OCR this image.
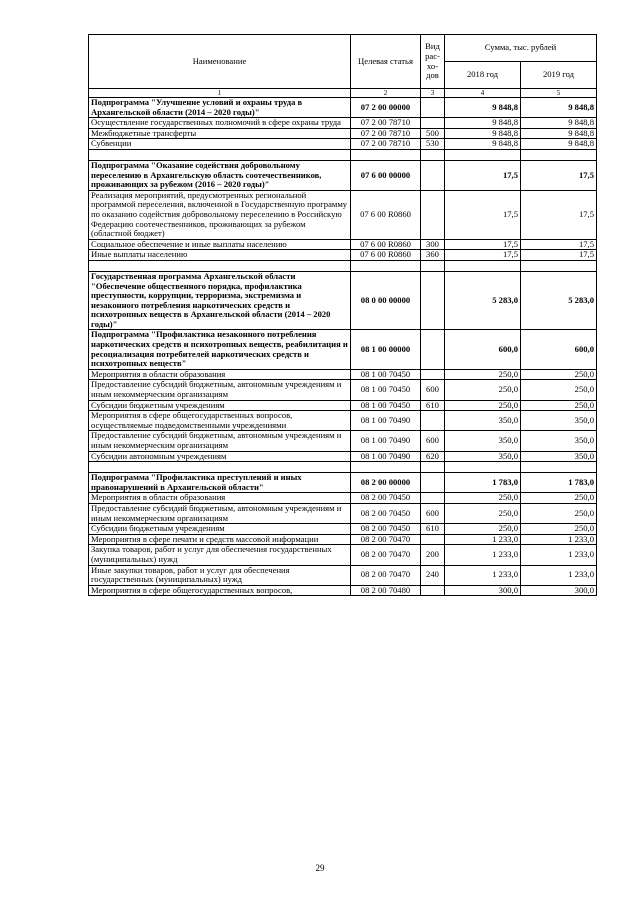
Наименование	Целевая статья	Вид
рас-
хо-
дов	Сумма, тыс. рублей	
			2018 год	2019 год
1	2	3	4	5
Подпрограмма "Улучшение условий и охраны труда в Архангельской области (2014 – 2020 годы)"	07 2 00 00000		9 848,8	9 848,8
Осуществление государственных полномочий в сфере охраны труда	07 2 00 78710		9 848,8	9 848,8
Межбюджетные трансферты	07 2 00 78710	500	9 848,8	9 848,8
Субвенции	07 2 00 78710	530	9 848,8	9 848,8

Подпрограмма "Оказание содействия добровольному переселению в Архангельскую область соотечественников, проживающих за рубежом (2016 – 2020 годы)"	07 6 00 00000		17,5	17,5
Реализация мероприятий, предусмотренных региональной программой переселения, включенной в Государственную программу по оказанию содействия добровольному переселению в Российскую Федерацию соотечественников, проживающих за рубежом (областной бюджет)	07 6 00 R0860		17,5	17,5
Социальное обеспечение и иные выплаты населению	07 6 00 R0860	300	17,5	17,5
Иные выплаты населению	07 6 00 R0860	360	17,5	17,5

Государственная программа Архангельской области "Обеспечение общественного порядка, профилактика преступности, коррупции, терроризма, экстремизма и незаконного потребления наркотических средств и психотропных веществ в Архангельской области (2014 – 2020 годы)"	08 0 00 00000		5 283,0	5 283,0
Подпрограмма "Профилактика незаконного потребления наркотических средств и психотропных веществ, реабилитация и ресоциализация потребителей наркотических средств и психотропных веществ"	08 1 00 00000		600,0	600,0
Мероприятия в области образования	08 1 00 70450		250,0	250,0
Предоставление субсидий бюджетным, автономным учреждениям и иным некоммерческим организациям	08 1 00 70450	600	250,0	250,0
Субсидии бюджетным учреждениям	08 1 00 70450	610	250,0	250,0
Мероприятия в сфере общегосударственных вопросов, осуществляемые подведомственными учреждениями	08 1 00 70490		350,0	350,0
Предоставление субсидий бюджетным, автономным учреждениям и иным некоммерческим организациям	08 1 00 70490	600	350,0	350,0
Субсидии автономным учреждениям	08 1 00 70490	620	350,0	350,0

Подпрограмма "Профилактика преступлений и иных правонарушений в Архангельской области"	08 2 00 00000		1 783,0	1 783,0
Мероприятия в области образования	08 2 00 70450		250,0	250,0
Предоставление субсидий бюджетным, автономным учреждениям и иным некоммерческим организациям	08 2 00 70450	600	250,0	250,0
Субсидии бюджетным учреждениям	08 2 00 70450	610	250,0	250,0
Мероприятия в сфере печати и средств массовой информации	08 2 00 70470		1 233,0	1 233,0
Закупка товаров, работ и услуг для обеспечения государственных (муниципальных) нужд	08 2 00 70470	200	1 233,0	1 233,0
Иные закупки товаров, работ и услуг для обеспечения государственных (муниципальных) нужд	08 2 00 70470	240	1 233,0	1 233,0
Мероприятия в сфере общегосударственных вопросов,	08 2 00 70480		300,0	300,0
29
